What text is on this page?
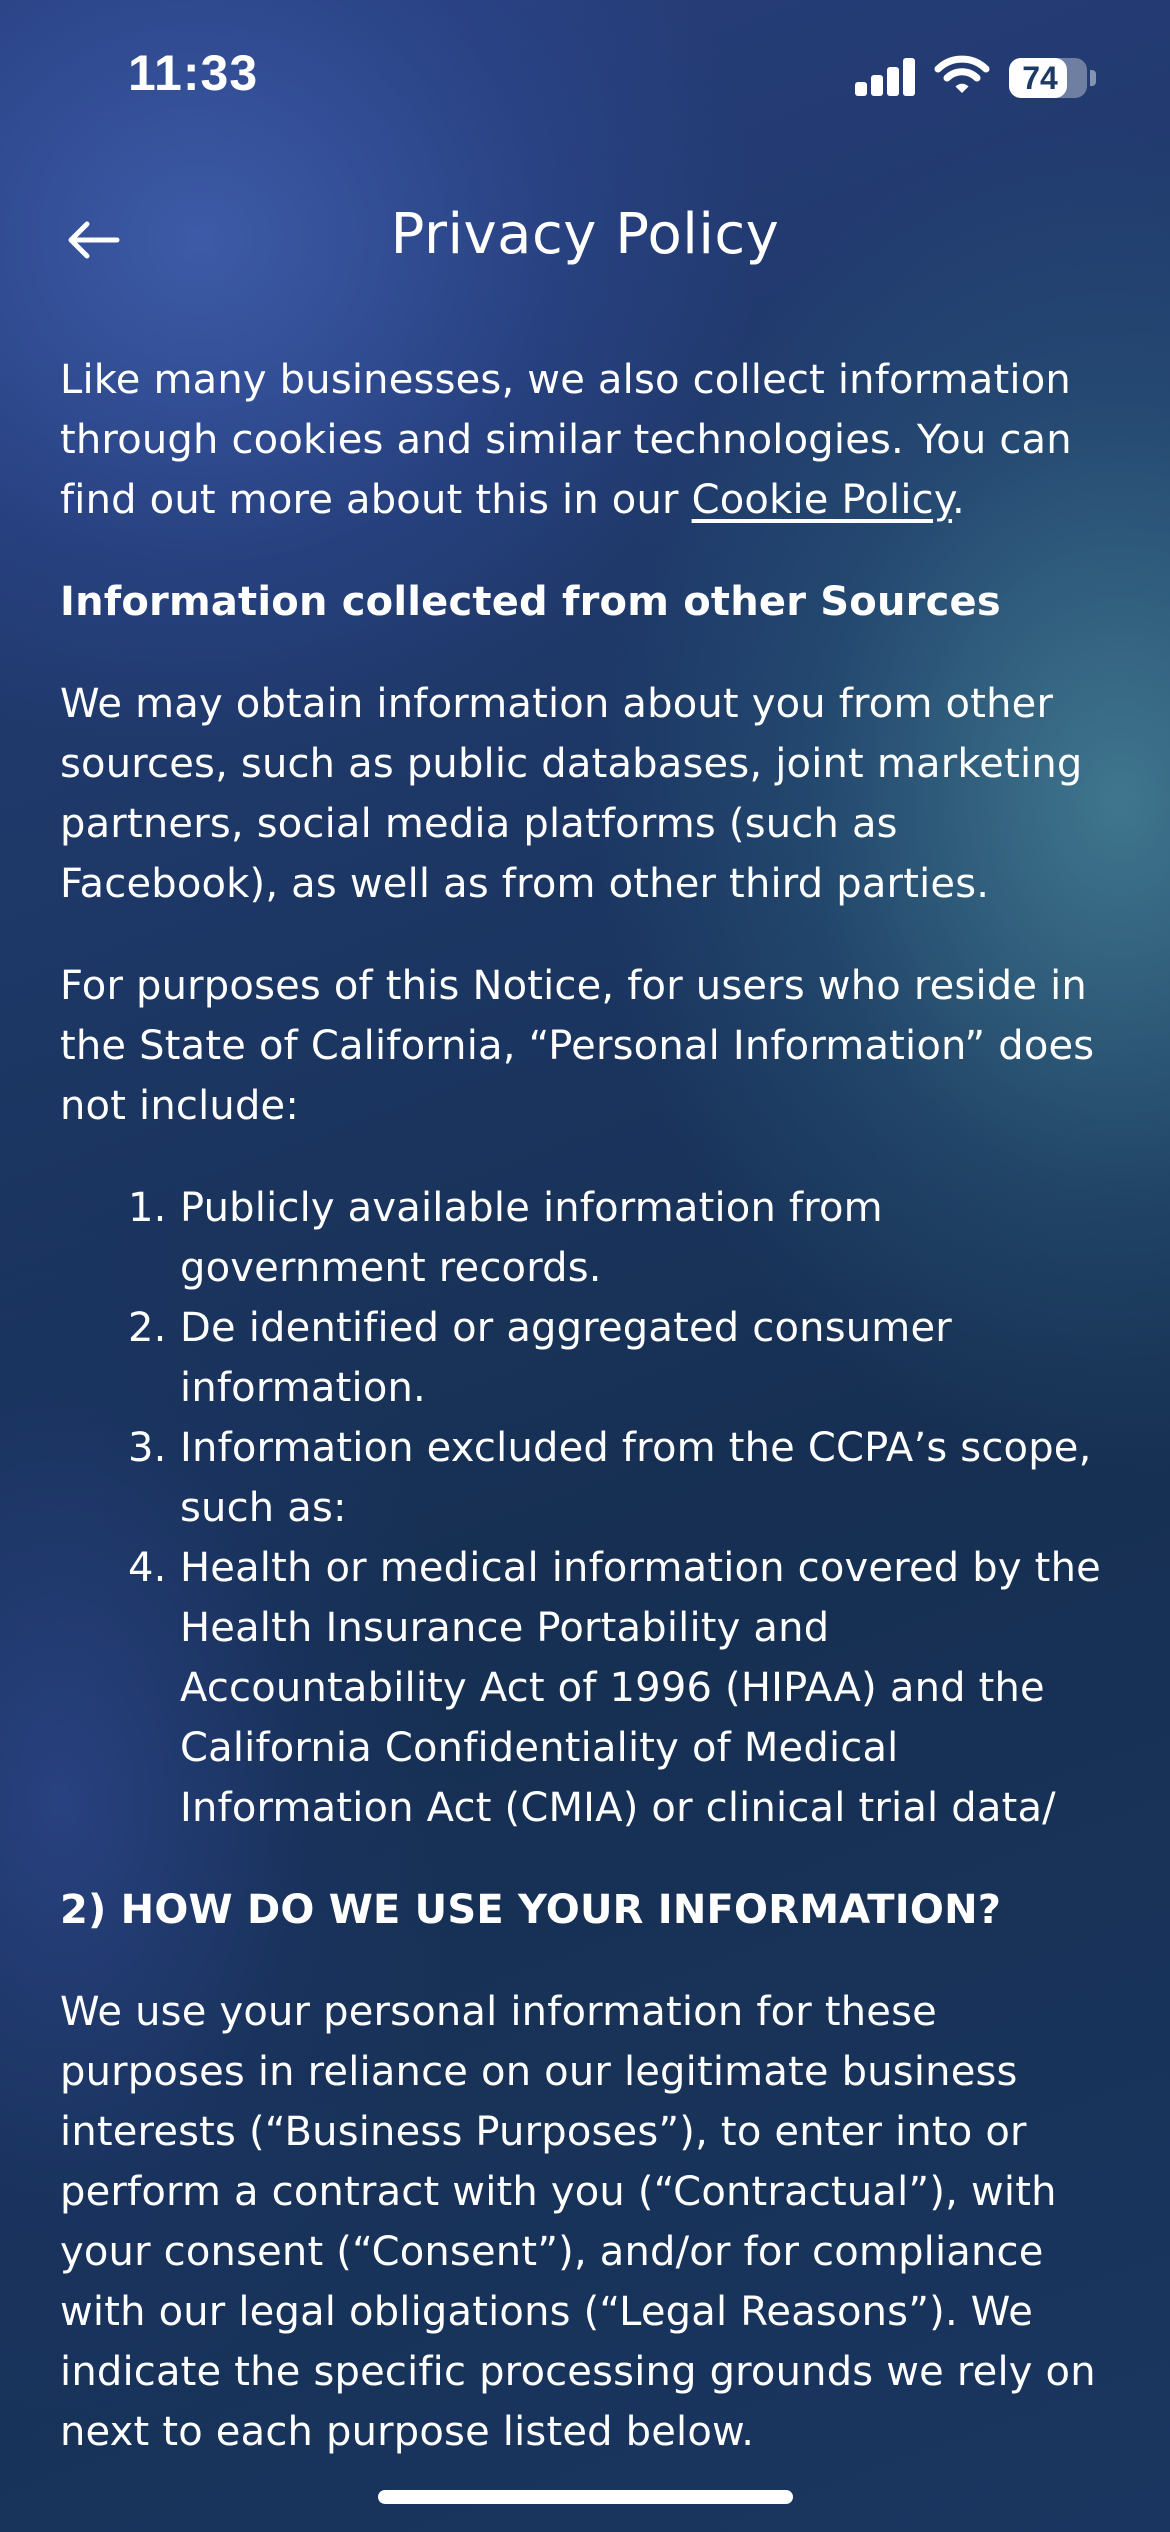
11:33	74
Privacy Policy

Like many businesses, we also collect information through cookies and similar technologies. You can find out more about this in our Cookie Policy.

Information collected from other Sources

We may obtain information about you from other sources, such as public databases, joint marketing partners, social media platforms (such as Facebook), as well as from other third parties.

For purposes of this Notice, for users who reside in the State of California, “Personal Information” does not include:

1. Publicly available information from government records.
2. De identified or aggregated consumer information.
3. Information excluded from the CCPA’s scope, such as:
4. Health or medical information covered by the Health Insurance Portability and Accountability Act of 1996 (HIPAA) and the California Confidentiality of Medical Information Act (CMIA) or clinical trial data/
2) HOW DO WE USE YOUR INFORMATION?

We use your personal information for these purposes in reliance on our legitimate business interests (“Business Purposes”), to enter into or perform a contract with you (“Contractual”), with your consent (“Consent”), and/or for compliance with our legal obligations (“Legal Reasons”). We indicate the specific processing grounds we rely on next to each purpose listed below.
